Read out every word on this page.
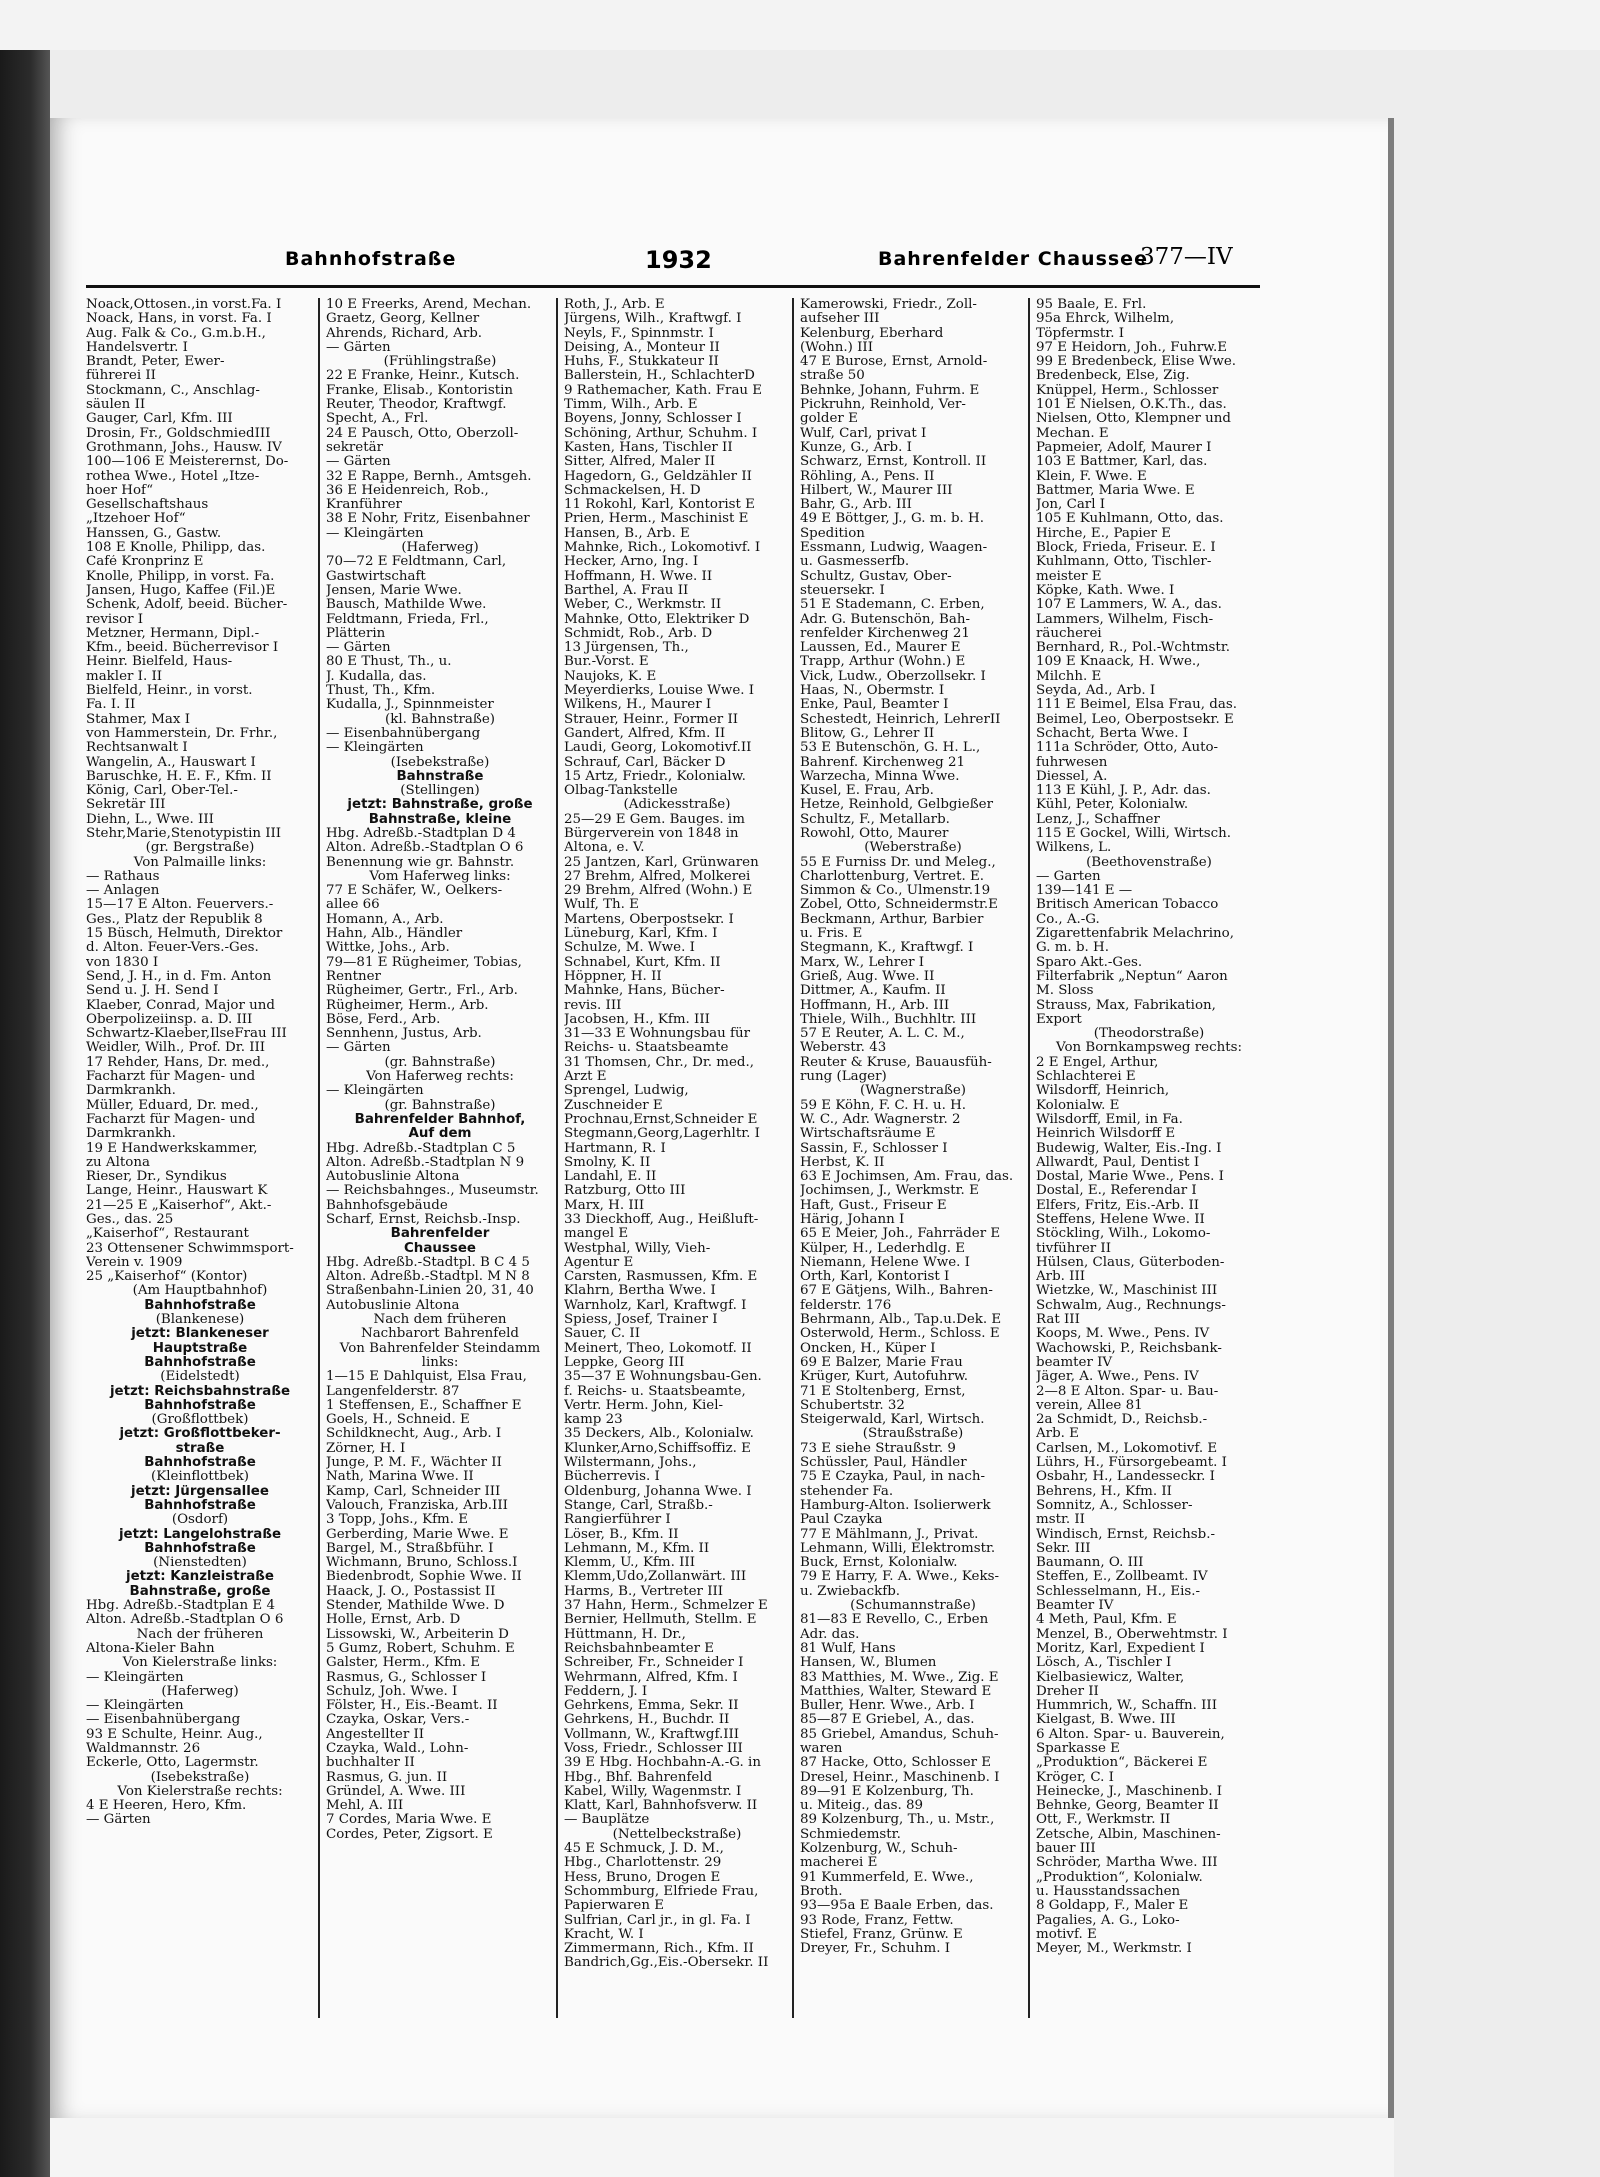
Bahnhofstraße	1932	Bahrenfelder Chaussee
377—IV
Noack,Ottosen.,in vorst.Fa. I
Noack, Hans, in vorst. Fa. I
Aug. Falk & Co., G.m.b.H.,
Handelsvertr. I
Brandt, Peter, Ewer-
führerei II
Stockmann, C., Anschlag-
säulen II
Gauger, Carl, Kfm. III
Drosin, Fr., GoldschmiedIII
Grothmann, Johs., Hausw. IV
100—106 E Meisterernst, Do-
rothea Wwe., Hotel „Itze-
hoer Hof“
Gesellschaftshaus
„Itzehoer Hof“
Hanssen, G., Gastw.
108 E Knolle, Philipp, das.
Café Kronprinz E
Knolle, Philipp, in vorst. Fa.
Jansen, Hugo, Kaffee (Fil.)E
Schenk, Adolf, beeid. Bücher-
revisor I
Metzner, Hermann, Dipl.-
Kfm., beeid. Bücherrevisor I
Heinr. Bielfeld, Haus-
makler I. II
Bielfeld, Heinr., in vorst.
Fa. I. II
Stahmer, Max I
von Hammerstein, Dr. Frhr.,
Rechtsanwalt I
Wangelin, A., Hauswart I
Baruschke, H. E. F., Kfm. II
König, Carl, Ober-Tel.-
Sekretär III
Diehn, L., Wwe. III
Stehr,Marie,Stenotypistin III
(gr. Bergstraße)
Von Palmaille links:
— Rathaus
— Anlagen
15—17 E Alton. Feuervers.-
Ges., Platz der Republik 8
15 Büsch, Helmuth, Direktor
d. Alton. Feuer-Vers.-Ges.
von 1830 I
Send, J. H., in d. Fm. Anton
Send u. J. H. Send I
Klaeber, Conrad, Major und
Oberpolizeiinsp. a. D. III
Schwartz-Klaeber,IlseFrau III
Weidler, Wilh., Prof. Dr. III
17 Rehder, Hans, Dr. med.,
Facharzt für Magen- und
Darmkrankh.
Müller, Eduard, Dr. med.,
Facharzt für Magen- und
Darmkrankh.
19 E Handwerkskammer,
zu Altona
Rieser, Dr., Syndikus
Lange, Heinr., Hauswart K
21—25 E „Kaiserhof“, Akt.-
Ges., das. 25
„Kaiserhof“, Restaurant
23 Ottensener Schwimmsport-
Verein v. 1909
25 „Kaiserhof“ (Kontor)
(Am Hauptbahnhof)
Bahnhofstraße
(Blankenese)
jetzt: Blankeneser
Hauptstraße
Bahnhofstraße
(Eidelstedt)
jetzt: Reichsbahnstraße
Bahnhofstraße
(Großflottbek)
jetzt: Großflottbeker-
straße
Bahnhofstraße
(Kleinflottbek)
jetzt: Jürgensallee
Bahnhofstraße
(Osdorf)
jetzt: Langelohstraße
Bahnhofstraße
(Nienstedten)
jetzt: Kanzleistraße
Bahnstraße, große
Hbg. Adreßb.-Stadtplan E 4
Alton. Adreßb.-Stadtplan O 6
Nach der früheren
Altona-Kieler Bahn
Von Kielerstraße links:
— Kleingärten
(Haferweg)
— Kleingärten
— Eisenbahnübergang
93 E Schulte, Heinr. Aug.,
Waldmannstr. 26
Eckerle, Otto, Lagermstr.
(Isebekstraße)
Von Kielerstraße rechts:
4 E Heeren, Hero, Kfm.
— Gärten
10 E Freerks, Arend, Mechan.
Graetz, Georg, Kellner
Ahrends, Richard, Arb.
— Gärten
(Frühlingstraße)
22 E Franke, Heinr., Kutsch.
Franke, Elisab., Kontoristin
Reuter, Theodor, Kraftwgf.
Specht, A., Frl.
24 E Pausch, Otto, Oberzoll-
sekretär
— Gärten
32 E Rappe, Bernh., Amtsgeh.
36 E Heidenreich, Rob.,
Kranführer
38 E Nohr, Fritz, Eisenbahner
— Kleingärten
(Haferweg)
70—72 E Feldtmann, Carl,
Gastwirtschaft
Jensen, Marie Wwe.
Bausch, Mathilde Wwe.
Feldtmann, Frieda, Frl.,
Plätterin
— Gärten
80 E Thust, Th., u.
J. Kudalla, das.
Thust, Th., Kfm.
Kudalla, J., Spinnmeister
(kl. Bahnstraße)
— Eisenbahnübergang
— Kleingärten
(Isebekstraße)
Bahnstraße
(Stellingen)
jetzt: Bahnstraße, große
Bahnstraße, kleine
Hbg. Adreßb.-Stadtplan D 4
Alton. Adreßb.-Stadtplan O 6
Benennung wie gr. Bahnstr.
Vom Haferweg links:
77 E Schäfer, W., Oelkers-
allee 66
Homann, A., Arb.
Hahn, Alb., Händler
Wittke, Johs., Arb.
79—81 E Rügheimer, Tobias,
Rentner
Rügheimer, Gertr., Frl., Arb.
Rügheimer, Herm., Arb.
Böse, Ferd., Arb.
Sennhenn, Justus, Arb.
— Gärten
(gr. Bahnstraße)
Von Haferweg rechts:
— Kleingärten
(gr. Bahnstraße)
Bahrenfelder Bahnhof,
Auf dem
Hbg. Adreßb.-Stadtplan C 5
Alton. Adreßb.-Stadtplan N 9
Autobuslinie Altona
— Reichsbahnges., Museumstr.
Bahnhofsgebäude
Scharf, Ernst, Reichsb.-Insp.
Bahrenfelder
Chaussee
Hbg. Adreßb.-Stadtpl. B C 4 5
Alton. Adreßb.-Stadtpl. M N 8
Straßenbahn-Linien 20, 31, 40
Autobuslinie Altona
Nach dem früheren
Nachbarort Bahrenfeld
Von Bahrenfelder Steindamm
links:
1—15 E Dahlquist, Elsa Frau,
Langenfelderstr. 87
1 Steffensen, E., Schaffner E
Goels, H., Schneid. E
Schildknecht, Aug., Arb. I
Zörner, H. I
Junge, P. M. F., Wächter II
Nath, Marina Wwe. II
Kamp, Carl, Schneider III
Valouch, Franziska, Arb.III
3 Topp, Johs., Kfm. E
Gerberding, Marie Wwe. E
Bargel, M., Straßbführ. I
Wichmann, Bruno, Schloss.I
Biedenbrodt, Sophie Wwe. II
Haack, J. O., Postassist II
Stender, Mathilde Wwe. D
Holle, Ernst, Arb. D
Lissowski, W., Arbeiterin D
5 Gumz, Robert, Schuhm. E
Galster, Herm., Kfm. E
Rasmus, G., Schlosser I
Schulz, Joh. Wwe. I
Fölster, H., Eis.-Beamt. II
Czayka, Oskar, Vers.-
Angestellter II
Czayka, Wald., Lohn-
buchhalter II
Rasmus, G. jun. II
Gründel, A. Wwe. III
Mehl, A. III
7 Cordes, Maria Wwe. E
Cordes, Peter, Zigsort. E
Roth, J., Arb. E
Jürgens, Wilh., Kraftwgf. I
Neyls, F., Spinnmstr. I
Deising, A., Monteur II
Huhs, F., Stukkateur II
Ballerstein, H., SchlachterD
9 Rathemacher, Kath. Frau E
Timm, Wilh., Arb. E
Boyens, Jonny, Schlosser I
Schöning, Arthur, Schuhm. I
Kasten, Hans, Tischler II
Sitter, Alfred, Maler II
Hagedorn, G., Geldzähler II
Schmackelsen, H. D
11 Rokohl, Karl, Kontorist E
Prien, Herm., Maschinist E
Hansen, B., Arb. E
Mahnke, Rich., Lokomotivf. I
Hecker, Arno, Ing. I
Hoffmann, H. Wwe. II
Barthel, A. Frau II
Weber, C., Werkmstr. II
Mahnke, Otto, Elektriker D
Schmidt, Rob., Arb. D
13 Jürgensen, Th.,
Bur.-Vorst. E
Naujoks, K. E
Meyerdierks, Louise Wwe. I
Wilkens, H., Maurer I
Strauer, Heinr., Former II
Gandert, Alfred, Kfm. II
Laudi, Georg, Lokomotivf.II
Schrauf, Carl, Bäcker D
15 Artz, Friedr., Kolonialw.
Olbag-Tankstelle
(Adickesstraße)
25—29 E Gem. Bauges. im
Bürgerverein von 1848 in
Altona, e. V.
25 Jantzen, Karl, Grünwaren
27 Brehm, Alfred, Molkerei
29 Brehm, Alfred (Wohn.) E
Wulf, Th. E
Martens, Oberpostsekr. I
Lüneburg, Karl, Kfm. I
Schulze, M. Wwe. I
Schnabel, Kurt, Kfm. II
Höppner, H. II
Mahnke, Hans, Bücher-
revis. III
Jacobsen, H., Kfm. III
31—33 E Wohnungsbau für
Reichs- u. Staatsbeamte
31 Thomsen, Chr., Dr. med.,
Arzt E
Sprengel, Ludwig,
Zuschneider E
Prochnau,Ernst,Schneider E
Stegmann,Georg,Lagerhltr. I
Hartmann, R. I
Smolny, K. II
Landahl, E. II
Ratzburg, Otto III
Marx, H. III
33 Dieckhoff, Aug., Heißluft-
mangel E
Westphal, Willy, Vieh-
Agentur E
Carsten, Rasmussen, Kfm. E
Klahrn, Bertha Wwe. I
Warnholz, Karl, Kraftwgf. I
Spiess, Josef, Trainer I
Sauer, C. II
Meinert, Theo, Lokomotf. II
Leppke, Georg III
35—37 E Wohnungsbau-Gen.
f. Reichs- u. Staatsbeamte,
Vertr. Herm. John, Kiel-
kamp 23
35 Deckers, Alb., Kolonialw.
Klunker,Arno,Schiffsoffiz. E
Wilstermann, Johs.,
Bücherrevis. I
Oldenburg, Johanna Wwe. I
Stange, Carl, Straßb.-
Rangierführer I
Löser, B., Kfm. II
Lehmann, M., Kfm. II
Klemm, U., Kfm. III
Klemm,Udo,Zollanwärt. III
Harms, B., Vertreter III
37 Hahn, Herm., Schmelzer E
Bernier, Hellmuth, Stellm. E
Hüttmann, H. Dr.,
Reichsbahnbeamter E
Schreiber, Fr., Schneider I
Wehrmann, Alfred, Kfm. I
Feddern, J. I
Gehrkens, Emma, Sekr. II
Gehrkens, H., Buchdr. II
Vollmann, W., Kraftwgf.III
Voss, Friedr., Schlosser III
39 E Hbg. Hochbahn-A.-G. in
Hbg., Bhf. Bahrenfeld
Kabel, Willy, Wagenmstr. I
Klatt, Karl, Bahnhofsverw. II
— Bauplätze
(Nettelbeckstraße)
45 E Schmuck, J. D. M.,
Hbg., Charlottenstr. 29
Hess, Bruno, Drogen E
Schommburg, Elfriede Frau,
Papierwaren E
Sulfrian, Carl jr., in gl. Fa. I
Kracht, W. I
Zimmermann, Rich., Kfm. II
Bandrich,Gg.,Eis.-Obersekr. II
Kamerowski, Friedr., Zoll-
aufseher III
Kelenburg, Eberhard
(Wohn.) III
47 E Burose, Ernst, Arnold-
straße 50
Behnke, Johann, Fuhrm. E
Pickruhn, Reinhold, Ver-
golder E
Wulf, Carl, privat I
Kunze, G., Arb. I
Schwarz, Ernst, Kontroll. II
Röhling, A., Pens. II
Hilbert, W., Maurer III
Bahr, G., Arb. III
49 E Böttger, J., G. m. b. H.
Spedition
Essmann, Ludwig, Waagen-
u. Gasmesserfb.
Schultz, Gustav, Ober-
steuersekr. I
51 E Stademann, C. Erben,
Adr. G. Butenschön, Bah-
renfelder Kirchenweg 21
Laussen, Ed., Maurer E
Trapp, Arthur (Wohn.) E
Vick, Ludw., Oberzollsekr. I
Haas, N., Obermstr. I
Enke, Paul, Beamter I
Schestedt, Heinrich, LehrerII
Blitow, G., Lehrer II
53 E Butenschön, G. H. L.,
Bahrenf. Kirchenweg 21
Warzecha, Minna Wwe.
Kusel, E. Frau, Arb.
Hetze, Reinhold, Gelbgießer
Schultz, F., Metallarb.
Rowohl, Otto, Maurer
(Weberstraße)
55 E Furniss Dr. und Meleg.,
Charlottenburg, Vertret. E.
Simmon & Co., Ulmenstr.19
Zobel, Otto, Schneidermstr.E
Beckmann, Arthur, Barbier
u. Fris. E
Stegmann, K., Kraftwgf. I
Marx, W., Lehrer I
Grieß, Aug. Wwe. II
Dittmer, A., Kaufm. II
Hoffmann, H., Arb. III
Thiele, Wilh., Buchhltr. III
57 E Reuter, A. L. C. M.,
Weberstr. 43
Reuter & Kruse, Bauausfüh-
rung (Lager)
(Wagnerstraße)
59 E Köhn, F. C. H. u. H.
W. C., Adr. Wagnerstr. 2
Wirtschaftsräume E
Sassin, F., Schlosser I
Herbst, K. II
63 E Jochimsen, Am. Frau, das.
Jochimsen, J., Werkmstr. E
Haft, Gust., Friseur E
Härig, Johann I
65 E Meier, Joh., Fahrräder E
Külper, H., Lederhdlg. E
Niemann, Helene Wwe. I
Orth, Karl, Kontorist I
67 E Gätjens, Wilh., Bahren-
felderstr. 176
Behrmann, Alb., Tap.u.Dek. E
Osterwold, Herm., Schloss. E
Oncken, H., Küper I
69 E Balzer, Marie Frau
Krüger, Kurt, Autofuhrw.
71 E Stoltenberg, Ernst,
Schubertstr. 32
Steigerwald, Karl, Wirtsch.
(Straußstraße)
73 E siehe Straußstr. 9
Schüssler, Paul, Händler
75 E Czayka, Paul, in nach-
stehender Fa.
Hamburg-Alton. Isolierwerk
Paul Czayka
77 E Mählmann, J., Privat.
Lehmann, Willi, Elektromstr.
Buck, Ernst, Kolonialw.
79 E Harry, F. A. Wwe., Keks-
u. Zwiebackfb.
(Schumannstraße)
81—83 E Revello, C., Erben
Adr. das.
81 Wulf, Hans
Hansen, W., Blumen
83 Matthies, M. Wwe., Zig. E
Matthies, Walter, Steward E
Buller, Henr. Wwe., Arb. I
85—87 E Griebel, A., das.
85 Griebel, Amandus, Schuh-
waren
87 Hacke, Otto, Schlosser E
Dresel, Heinr., Maschinenb. I
89—91 E Kolzenburg, Th.
u. Miteig., das. 89
89 Kolzenburg, Th., u. Mstr.,
Schmiedemstr.
Kolzenburg, W., Schuh-
macherei E
91 Kummerfeld, E. Wwe.,
Broth.
93—95a E Baale Erben, das.
93 Rode, Franz, Fettw.
Stiefel, Franz, Grünw. E
Dreyer, Fr., Schuhm. I
95 Baale, E. Frl.
95a Ehrck, Wilhelm,
Töpfermstr. I
97 E Heidorn, Joh., Fuhrw.E
99 E Bredenbeck, Elise Wwe.
Bredenbeck, Else, Zig.
Knüppel, Herm., Schlosser
101 E Nielsen, O.K.Th., das.
Nielsen, Otto, Klempner und
Mechan. E
Papmeier, Adolf, Maurer I
103 E Battmer, Karl, das.
Klein, F. Wwe. E
Battmer, Maria Wwe. E
Jon, Carl I
105 E Kuhlmann, Otto, das.
Hirche, E., Papier E
Block, Frieda, Friseur. E. I
Kuhlmann, Otto, Tischler-
meister E
Köpke, Kath. Wwe. I
107 E Lammers, W. A., das.
Lammers, Wilhelm, Fisch-
räucherei
Bernhard, R., Pol.-Wchtmstr.
109 E Knaack, H. Wwe.,
Milchh. E
Seyda, Ad., Arb. I
111 E Beimel, Elsa Frau, das.
Beimel, Leo, Oberpostsekr. E
Schacht, Berta Wwe. I
111a Schröder, Otto, Auto-
fuhrwesen
Diessel, A.
113 E Kühl, J. P., Adr. das.
Kühl, Peter, Kolonialw.
Lenz, J., Schaffner
115 E Gockel, Willi, Wirtsch.
Wilkens, L.
(Beethovenstraße)
— Garten
139—141 E —
Britisch American Tobacco
Co., A.-G.
Zigarettenfabrik Melachrino,
G. m. b. H.
Sparo Akt.-Ges.
Filterfabrik „Neptun“ Aaron
M. Sloss
Strauss, Max, Fabrikation,
Export
(Theodorstraße)
Von Bornkampsweg rechts:
2 E Engel, Arthur,
Schlachterei E
Wilsdorff, Heinrich,
Kolonialw. E
Wilsdorff, Emil, in Fa.
Heinrich Wilsdorff E
Budewig, Walter, Eis.-Ing. I
Allwardt, Paul, Dentist I
Dostal, Marie Wwe., Pens. I
Dostal, E., Referendar I
Elfers, Fritz, Eis.-Arb. II
Steffens, Helene Wwe. II
Stöckling, Wilh., Lokomo-
tivführer II
Hülsen, Claus, Güterboden-
Arb. III
Wietzke, W., Maschinist III
Schwalm, Aug., Rechnungs-
Rat III
Koops, M. Wwe., Pens. IV
Wachowski, P., Reichsbank-
beamter IV
Jäger, A. Wwe., Pens. IV
2—8 E Alton. Spar- u. Bau-
verein, Allee 81
2a Schmidt, D., Reichsb.-
Arb. E
Carlsen, M., Lokomotivf. E
Lührs, H., Fürsorgebeamt. I
Osbahr, H., Landesseckr. I
Behrens, H., Kfm. II
Somnitz, A., Schlosser-
mstr. II
Windisch, Ernst, Reichsb.-
Sekr. III
Baumann, O. III
Steffen, E., Zollbeamt. IV
Schlesselmann, H., Eis.-
Beamter IV
4 Meth, Paul, Kfm. E
Menzel, B., Oberwehtmstr. I
Moritz, Karl, Expedient I
Lösch, A., Tischler I
Kielbasiewicz, Walter,
Dreher II
Hummrich, W., Schaffn. III
Kielgast, B. Wwe. III
6 Alton. Spar- u. Bauverein,
Sparkasse E
„Produktion“, Bäckerei E
Kröger, C. I
Heinecke, J., Maschinenb. I
Behnke, Georg, Beamter II
Ott, F., Werkmstr. II
Zetsche, Albin, Maschinen-
bauer III
Schröder, Martha Wwe. III
„Produktion“, Kolonialw.
u. Hausstandssachen
8 Goldapp, F., Maler E
Pagalies, A. G., Loko-
motivf. E
Meyer, M., Werkmstr. I
